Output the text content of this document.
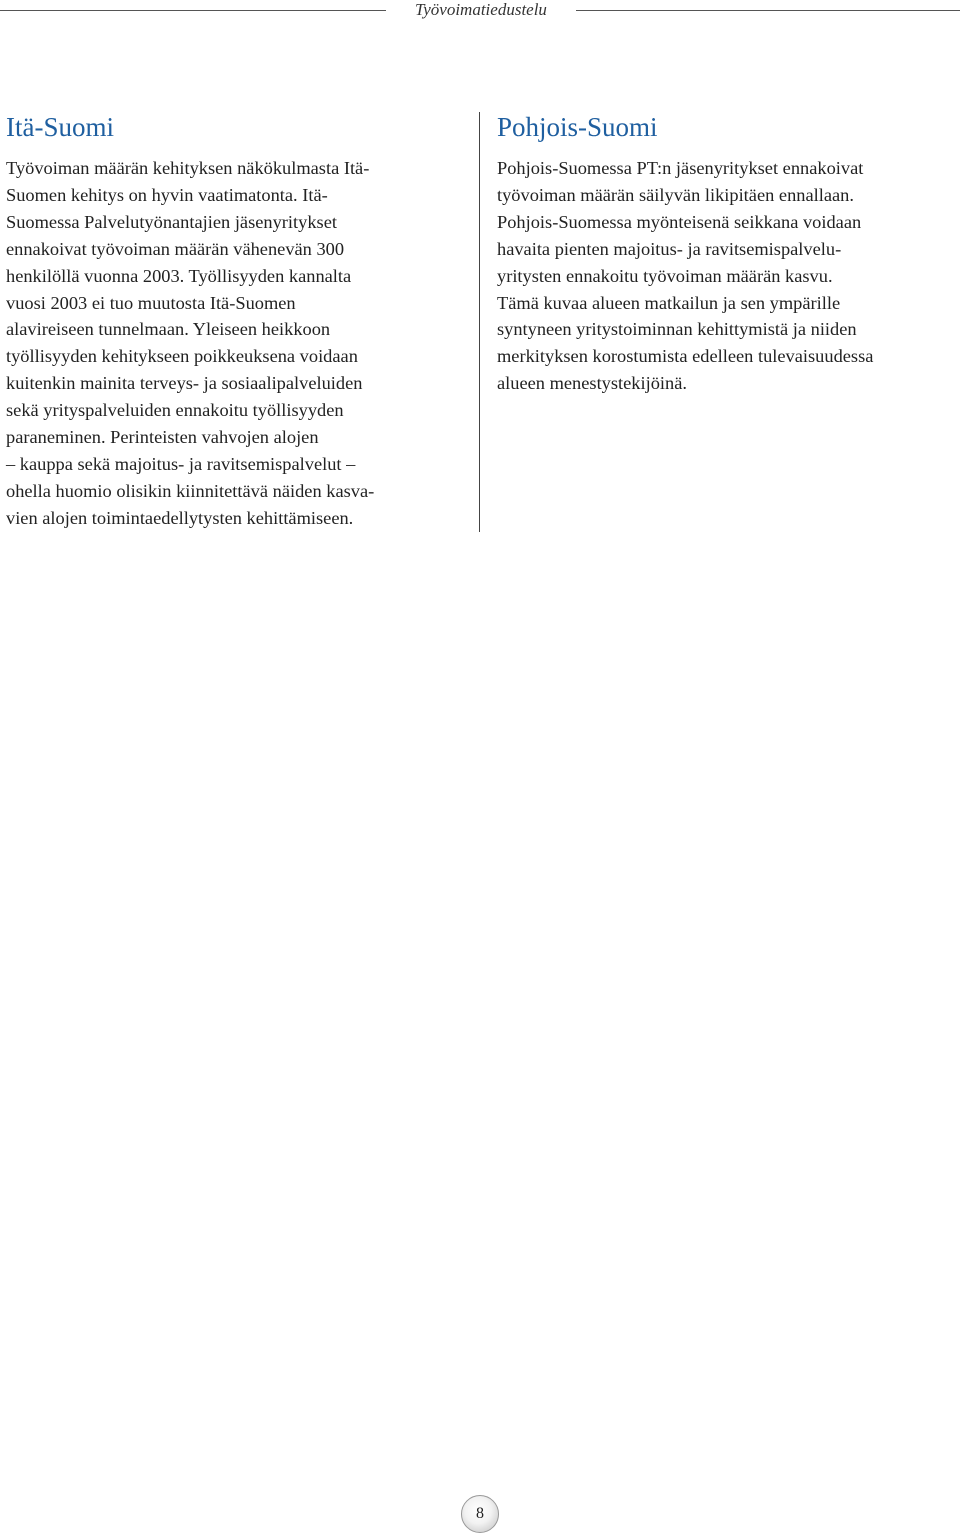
Työvoimatiedustelu
Itä-Suomi

Työvoiman määrän kehityksen näkökulmasta Itä-
Suomen kehitys on hyvin vaatimatonta. Itä-
Suomessa Palvelutyönantajien jäsenyritykset
ennakoivat työvoiman määrän vähenevän 300
henkilöllä vuonna 2003. Työllisyyden kannalta
vuosi 2003 ei tuo muutosta Itä-Suomen
alavireiseen tunnelmaan. Yleiseen heikkoon
työllisyyden kehitykseen poikkeuksena voidaan
kuitenkin mainita terveys- ja sosiaalipalveluiden
sekä yrityspalveluiden ennakoitu työllisyyden
paraneminen. Perinteisten vahvojen alojen
– kauppa sekä majoitus- ja ravitsemispalvelut –
ohella huomio olisikin kiinnitettävä näiden kasva-
vien alojen toimintaedellytysten kehittämiseen.

Pohjois-Suomi

Pohjois-Suomessa PT:n jäsenyritykset ennakoivat
työvoiman määrän säilyvän likipitäen ennallaan.
Pohjois-Suomessa myönteisenä seikkana voidaan
havaita pienten majoitus- ja ravitsemispalvelu-
yritysten ennakoitu työvoiman määrän kasvu.
Tämä kuvaa alueen matkailun ja sen ympärille
syntyneen yritystoiminnan kehittymistä ja niiden
merkityksen korostumista edelleen tulevaisuudessa
alueen menestystekijöinä.

8
